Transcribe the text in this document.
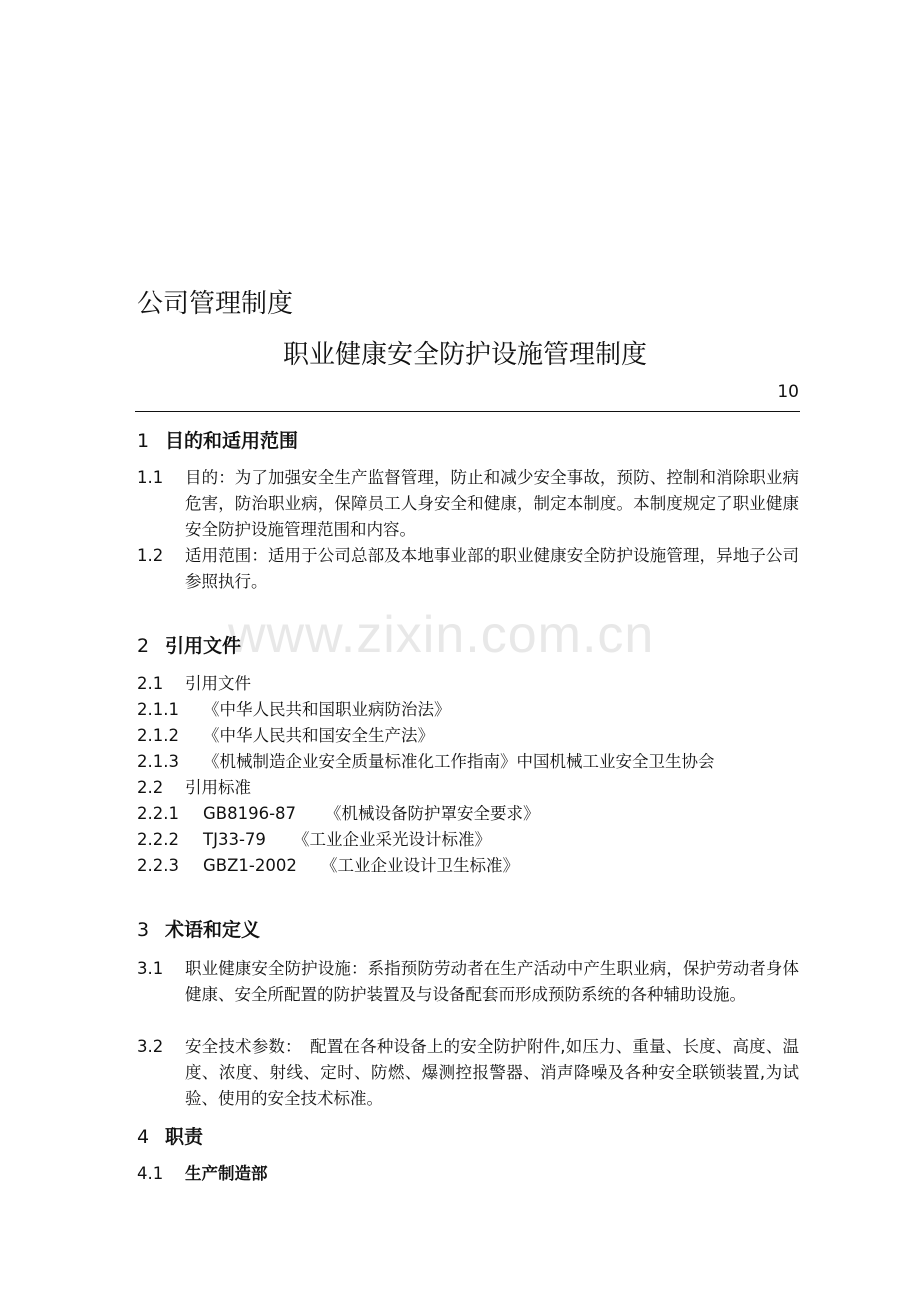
公司管理制度
职业健康安全防护设施管理制度
10
1 目的和适用范围
1.1 目的：为了加强安全生产监督管理，防止和减少安全事故，预防、控制和消除职业病危害，防治职业病，保障员工人身安全和健康，制定本制度。本制度规定了职业健康安全防护设施管理范围和内容。
1.2 适用范围：适用于公司总部及本地事业部的职业健康安全防护设施管理，异地子公司参照执行。
www.zixin.com.cn
2 引用文件
2.1 引用文件
2.1.1 《中华人民共和国职业病防治法》
2.1.2 《中华人民共和国安全生产法》
2.1.3 《机械制造企业安全质量标准化工作指南》中国机械工业安全卫生协会
2.2 引用标准
2.2.1 GB8196-87 《机械设备防护罩安全要求》
2.2.2 TJ33-79 《工业企业采光设计标准》
2.2.3 GBZ1-2002 《工业企业设计卫生标准》
3 术语和定义
3.1 职业健康安全防护设施：系指预防劳动者在生产活动中产生职业病，保护劳动者身体健康、安全所配置的防护装置及与设备配套而形成预防系统的各种辅助设施。
3.2 安全技术参数：　配置在各种设备上的安全防护附件,如压力、重量、长度、高度、温度、浓度、射线、定时、防燃、爆测控报警器、消声降噪及各种安全联锁装置,为试验、使用的安全技术标准。
4 职责
4.1 生产制造部
